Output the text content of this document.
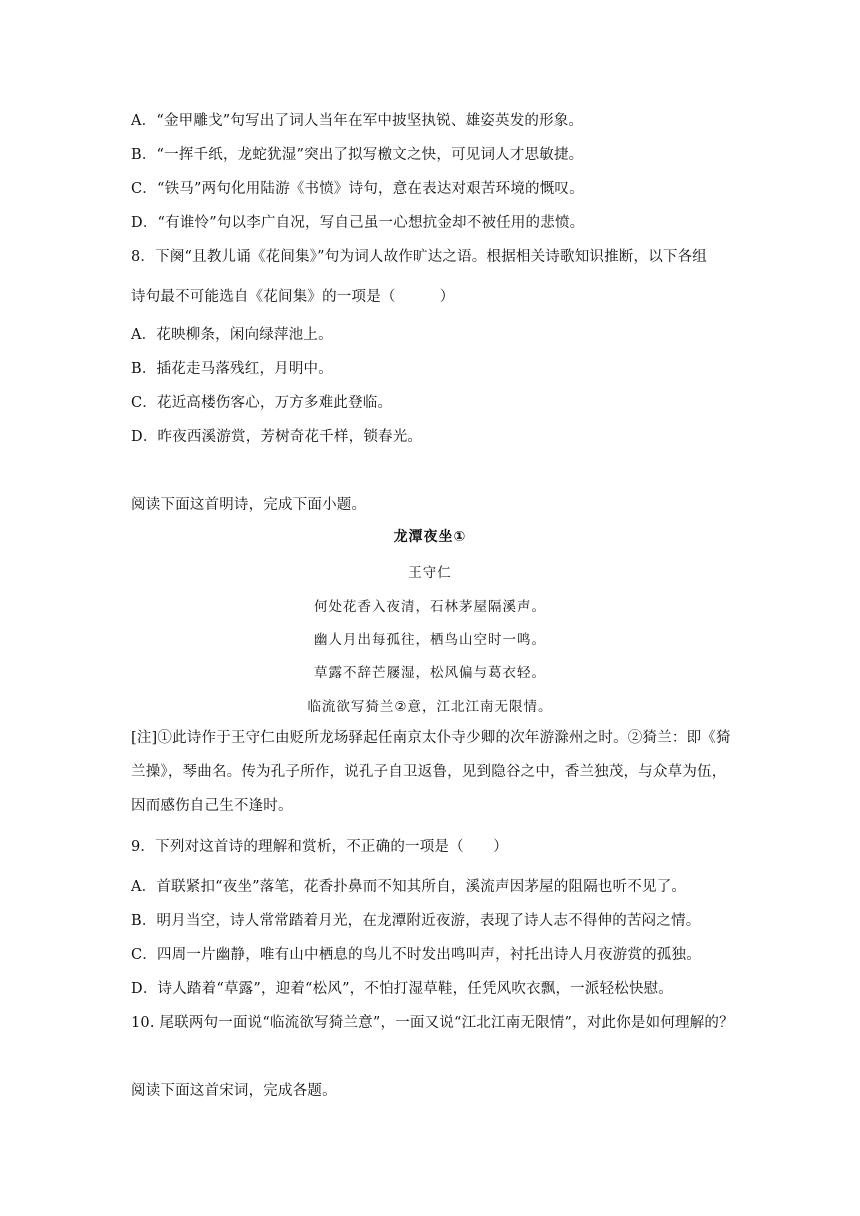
A．“金甲雕戈”句写出了词人当年在军中披坚执锐、雄姿英发的形象。
B．“一挥千纸，龙蛇犹湿”突出了拟写檄文之快，可见词人才思敏捷。
C．“铁马”两句化用陆游《书愤》诗句，意在表达对艰苦环境的慨叹。
D．“有谁怜”句以李广自况，写自己虽一心想抗金却不被任用的悲愤。
8．下阕“且教儿诵《花间集》”句为词人故作旷达之语。根据相关诗歌知识推断，以下各组
诗句最不可能选自《花间集》的一项是（　　　）
A．花映柳条，闲向绿萍池上。
B．插花走马落残红，月明中。
C．花近高楼伤客心，万方多难此登临。
D．昨夜西溪游赏，芳树奇花千样，锁春光。
阅读下面这首明诗，完成下面小题。
龙潭夜坐①
王守仁
何处花香入夜清，石林茅屋隔溪声。
幽人月出每孤往，栖鸟山空时一鸣。
草露不辞芒屦湿，松风偏与葛衣轻。
临流欲写猗兰②意，江北江南无限情。
[注]①此诗作于王守仁由贬所龙场驿起任南京太仆寺少卿的次年游滁州之时。②猗兰：即《猗兰操》，琴曲名。传为孔子所作，说孔子自卫返鲁，见到隐谷之中，香兰独茂，与众草为伍，因而感伤自己生不逢时。
9．下列对这首诗的理解和赏析，不正确的一项是（　　）
A．首联紧扣“夜坐”落笔，花香扑鼻而不知其所自，溪流声因茅屋的阻隔也听不见了。
B．明月当空，诗人常常踏着月光，在龙潭附近夜游，表现了诗人志不得伸的苦闷之情。
C．四周一片幽静，唯有山中栖息的鸟儿不时发出鸣叫声，衬托出诗人月夜游赏的孤独。
D．诗人踏着“草露”，迎着“松风”，不怕打湿草鞋，任凭风吹衣飘，一派轻松快慰。
10. 尾联两句一面说“临流欲写猗兰意”，一面又说“江北江南无限情”，对此你是如何理解的？
阅读下面这首宋词，完成各题。
